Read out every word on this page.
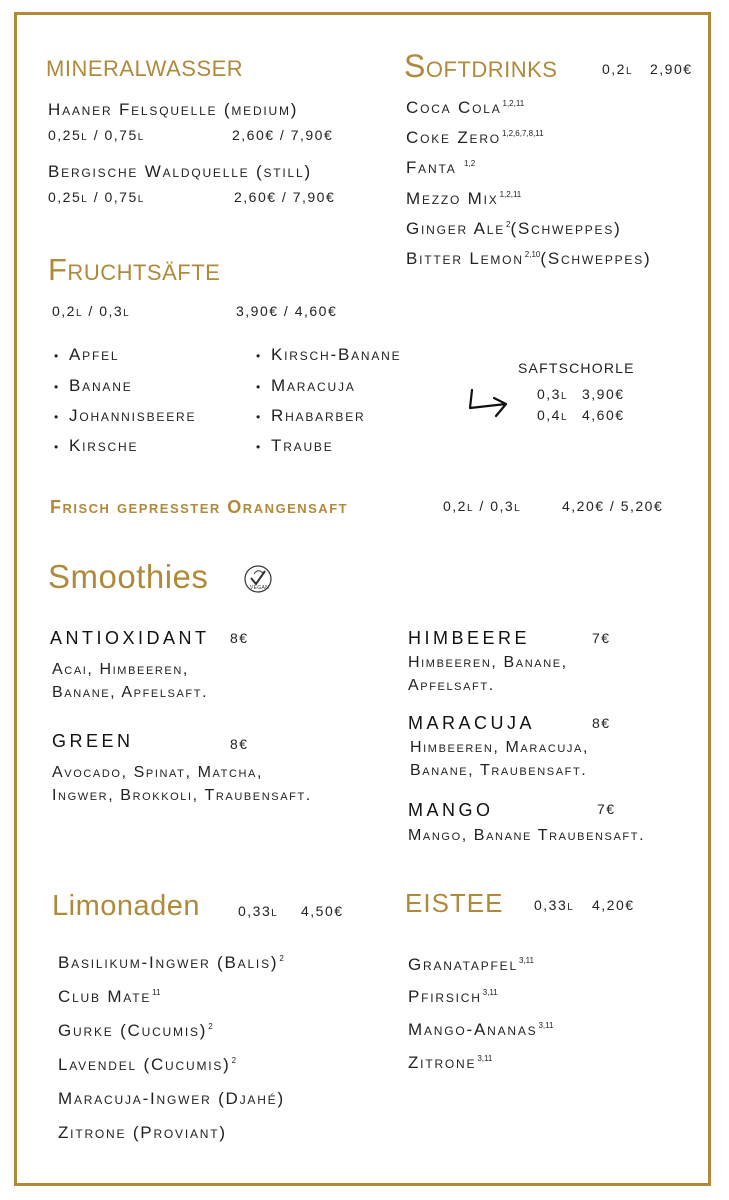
mineralwasser
Haaner Felsquelle (medium)
0,25l / 0,75l	2,60€ / 7,90€
Bergische Waldquelle (still)
0,25l / 0,75l	2,60€ / 7,90€
Softdrinks	0,2l 2,90€
Coca Cola$^{1,2,11}$
Coke Zero$^{1,2,6,7,8,11}$
Fanta $^{1,2}$
Mezzo Mix$^{1,2,11}$
Ginger Ale$^2$(Schweppes)
Bitter Lemon$^{2,10}$(Schweppes)
Fruchtsäfte
0,2l / 0,3l	3,90€ / 4,60€
• Apfel
• Banane
• Johannisbeere
• Kirsche
• Kirsch-Banane
• Maracuja
• Rhabarber
• Traube
SAFTSCHORLE
0,3l 3,90€
0,4l 4,60€
Frisch gepresster Orangensaft	0,2l / 0,3l	4,20€ / 5,20€
Smoothies	VEGAN
ANTIOXIDANT 8€
Acai, Himbeeren, Banane, Apfelsaft.
GREEN	8€
Avocado, Spinat, Matcha, Ingwer, Brokkoli, Traubensaft.
HIMBEERE	7€
Himbeeren, Banane, Apfelsaft.
MARACUJA	8€
Himbeeren, Maracuja, Banane, Traubensaft.
MANGO	7€
Mango, Banane Traubensaft.
Limonaden	0,33l 4,50€
Basilikum-Ingwer (Balis)$^2$
Club Mate$^{11}$
Gurke (Cucumis)$^2$
Lavendel (Cucumis)$^2$
Maracuja-Ingwer (Djahé)
Zitrone (Proviant)
EISTEE 0,33l 4,20€
Granatapfel$^{3,11}$
Pfirsich$^{3,11}$
Mango-Ananas$^{3,11}$
Zitrone$^{3,11}$
